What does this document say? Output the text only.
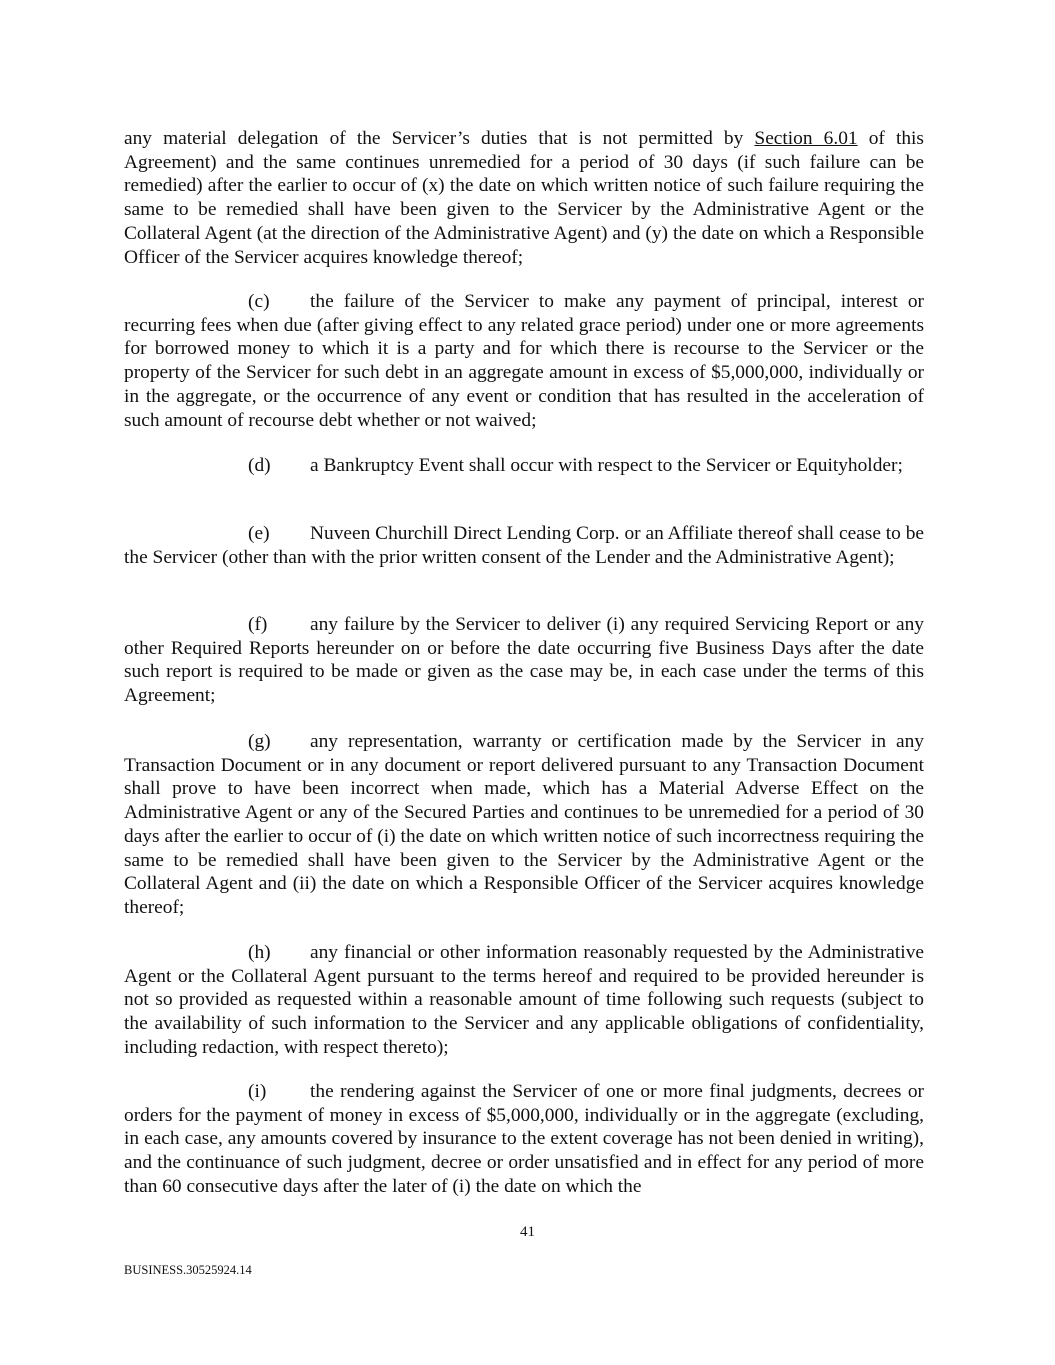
any material delegation of the Servicer’s duties that is not permitted by Section 6.01 of this Agreement) and the same continues unremedied for a period of 30 days (if such failure can be remedied) after the earlier to occur of (x) the date on which written notice of such failure requiring the same to be remedied shall have been given to the Servicer by the Administrative Agent or the Collateral Agent (at the direction of the Administrative Agent) and (y) the date on which a Responsible Officer of the Servicer acquires knowledge thereof;

(c) the failure of the Servicer to make any payment of principal, interest or recurring fees when due (after giving effect to any related grace period) under one or more agreements for borrowed money to which it is a party and for which there is recourse to the Servicer or the property of the Servicer for such debt in an aggregate amount in excess of $5,000,000, individually or in the aggregate, or the occurrence of any event or condition that has resulted in the acceleration of such amount of recourse debt whether or not waived;

(d) a Bankruptcy Event shall occur with respect to the Servicer or Equityholder;

(e) Nuveen Churchill Direct Lending Corp. or an Affiliate thereof shall cease to be the Servicer (other than with the prior written consent of the Lender and the Administrative Agent);

(f) any failure by the Servicer to deliver (i) any required Servicing Report or any other Required Reports hereunder on or before the date occurring five Business Days after the date such report is required to be made or given as the case may be, in each case under the terms of this Agreement;

(g) any representation, warranty or certification made by the Servicer in any Transaction Document or in any document or report delivered pursuant to any Transaction Document shall prove to have been incorrect when made, which has a Material Adverse Effect on the Administrative Agent or any of the Secured Parties and continues to be unremedied for a period of 30 days after the earlier to occur of (i) the date on which written notice of such incorrectness requiring the same to be remedied shall have been given to the Servicer by the Administrative Agent or the Collateral Agent and (ii) the date on which a Responsible Officer of the Servicer acquires knowledge thereof;

(h) any financial or other information reasonably requested by the Administrative Agent or the Collateral Agent pursuant to the terms hereof and required to be provided hereunder is not so provided as requested within a reasonable amount of time following such requests (subject to the availability of such information to the Servicer and any applicable obligations of confidentiality, including redaction, with respect thereto);

(i) the rendering against the Servicer of one or more final judgments, decrees or orders for the payment of money in excess of $5,000,000, individually or in the aggregate (excluding, in each case, any amounts covered by insurance to the extent coverage has not been denied in writing), and the continuance of such judgment, decree or order unsatisfied and in effect for any period of more than 60 consecutive days after the later of (i) the date on which the

41
BUSINESS.30525924.14
